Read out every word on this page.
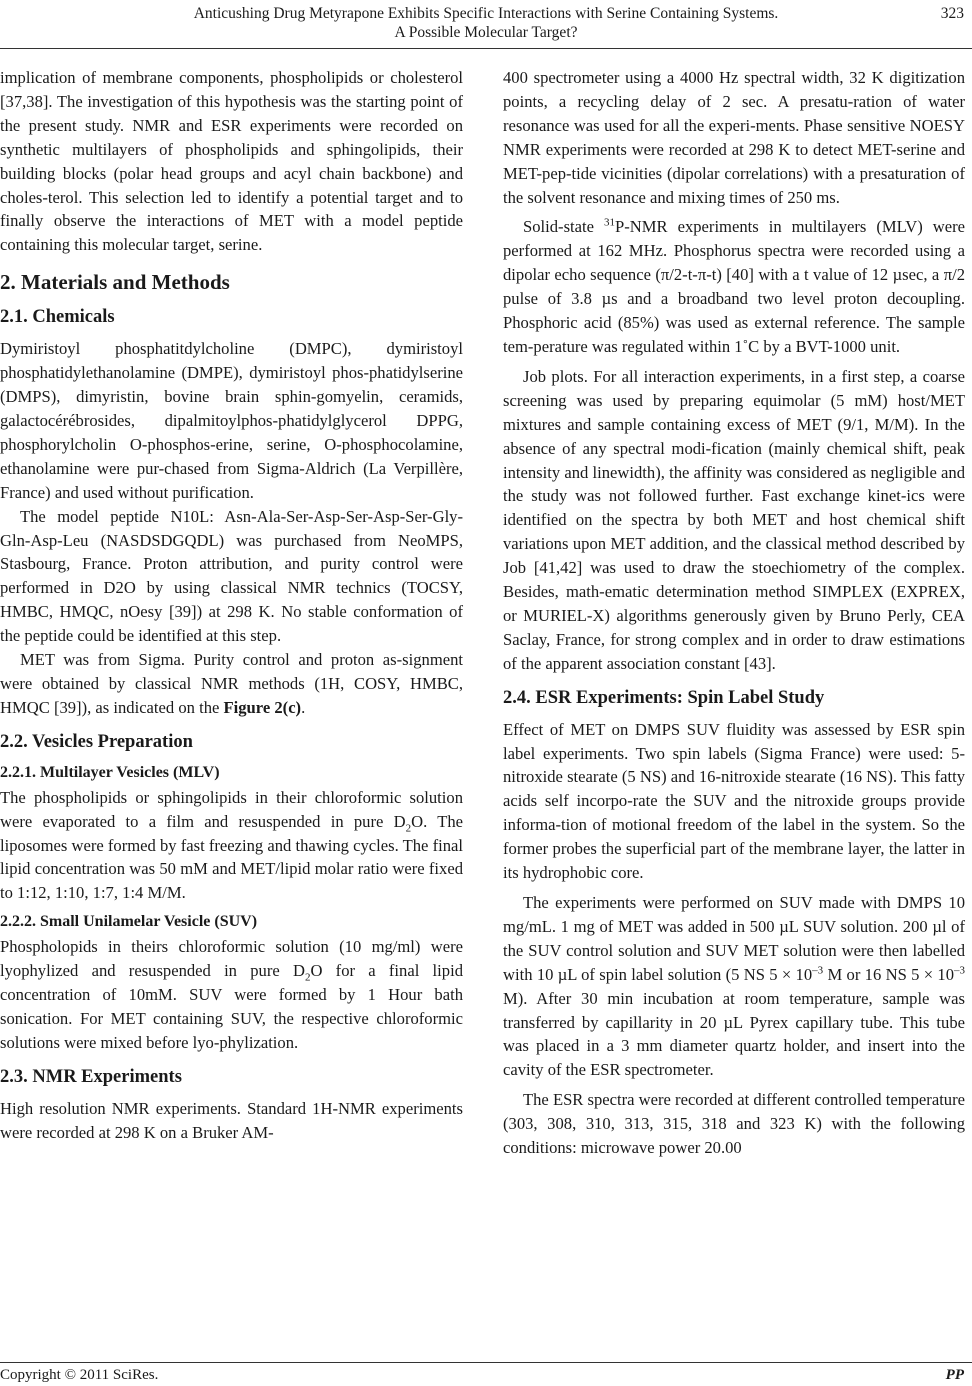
Anticushing Drug Metyrapone Exhibits Specific Interactions with Serine Containing Systems.
A Possible Molecular Target?
323

implication of membrane components, phospholipids or cholesterol [37,38]. The investigation of this hypothesis was the starting point of the present study. NMR and ESR experiments were recorded on synthetic multilayers of phospholipids and sphingolipids, their building blocks (polar head groups and acyl chain backbone) and choles-terol. This selection led to identify a potential target and to finally observe the interactions of MET with a model peptide containing this molecular target, serine.

2. Materials and Methods
2.1. Chemicals

Dymiristoyl phosphatitdylcholine (DMPC), dymiristoyl phosphatidylethanolamine (DMPE), dymiristoyl phos-phatidylserine (DMPS), dimyristin, bovine brain sphin-gomyelin, ceramids, galactocérébrosides, dipalmitoylphos-phatidylglycerol DPPG, phosphorylcholin O-phosphos-erine, serine, O-phosphocolamine, ethanolamine were pur-chased from Sigma-Aldrich (La Verpillère, France) and used without purification.

The model peptide N10L: Asn-Ala-Ser-Asp-Ser-Asp-Ser-Gly-Gln-Asp-Leu (NASDSDGQDL) was purchased from NeoMPS, Stasbourg, France. Proton attribution, and purity control were performed in D2O by using classical NMR technics (TOCSY, HMBC, HMQC, nOesy [39]) at 298 K. No stable conformation of the peptide could be identified at this step.

MET was from Sigma. Purity control and proton as-signment were obtained by classical NMR methods (1H, COSY, HMBC, HMQC [39]), as indicated on the Figure 2(c).

2.2. Vesicles Preparation
2.2.1. Multilayer Vesicles (MLV)

The phospholipids or sphingolipids in their chloroformic solution were evaporated to a film and resuspended in pure $D_2O$. The liposomes were formed by fast freezing and thawing cycles. The final lipid concentration was 50 mM and MET/lipid molar ratio were fixed to 1:12, 1:10, 1:7, 1:4 M/M.

2.2.2. Small Unilamelar Vesicle (SUV)

Phospholopids in theirs chloroformic solution (10 mg/ml) were lyophylized and resuspended in pure $D_2O$ for a final lipid concentration of 10mM. SUV were formed by 1 Hour bath sonication. For MET containing SUV, the respective chloroformic solutions were mixed before lyo-phylization.

2.3. NMR Experiments

High resolution NMR experiments. Standard 1H-NMR experiments were recorded at 298 K on a Bruker AM-

400 spectrometer using a 4000 Hz spectral width, 32 K digitization points, a recycling delay of 2 sec. A presatu-ration of water resonance was used for all the experi-ments. Phase sensitive NOESY NMR experiments were recorded at 298 K to detect MET-serine and MET-pep-tide vicinities (dipolar correlations) with a presaturation of the solvent resonance and mixing times of 250 ms.

Solid-state $^{31}$P-NMR experiments in multilayers (MLV) were performed at 162 MHz. Phosphorus spectra were recorded using a dipolar echo sequence (π/2-t-π-t) [40] with a t value of 12 µsec, a π/2 pulse of 3.8 µs and a broadband two level proton decoupling. Phosphoric acid (85%) was used as external reference. The sample tem-perature was regulated within 1˚C by a BVT-1000 unit.

Job plots. For all interaction experiments, in a first step, a coarse screening was used by preparing equimolar (5 mM) host/MET mixtures and sample containing excess of MET (9/1, M/M). In the absence of any spectral modi-fication (mainly chemical shift, peak intensity and linewidth), the affinity was considered as negligible and the study was not followed further. Fast exchange kinet-ics were identified on the spectra by both MET and host chemical shift variations upon MET addition, and the classical method described by Job [41,42] was used to draw the stoechiometry of the complex. Besides, math-ematic determination method SIMPLEX (EXPREX, or MURIEL-X) algorithms generously given by Bruno Perly, CEA Saclay, France, for strong complex and in order to draw estimations of the apparent association constant [43].

2.4. ESR Experiments: Spin Label Study

Effect of MET on DMPS SUV fluidity was assessed by ESR spin label experiments. Two spin labels (Sigma France) were used: 5-nitroxide stearate (5 NS) and 16-nitroxide stearate (16 NS). This fatty acids self incorpo-rate the SUV and the nitroxide groups provide informa-tion of motional freedom of the label in the system. So the former probes the superficial part of the membrane layer, the latter in its hydrophobic core.

The experiments were performed on SUV made with DMPS 10 mg/mL. 1 mg of MET was added in 500 µL SUV solution. 200 µl of the SUV control solution and SUV MET solution were then labelled with 10 µL of spin label solution (5 NS $5 \times 10^{-3}$ M or 16 NS $5 \times 10^{-3}$ M). After 30 min incubation at room temperature, sample was transferred by capillarity in 20 µL Pyrex capillary tube. This tube was placed in a 3 mm diameter quartz holder, and insert into the cavity of the ESR spectrometer.

The ESR spectra were recorded at different controlled temperature (303, 308, 310, 313, 315, 318 and 323 K) with the following conditions: microwave power 20.00

Copyright © 2011 SciRes.	PP
